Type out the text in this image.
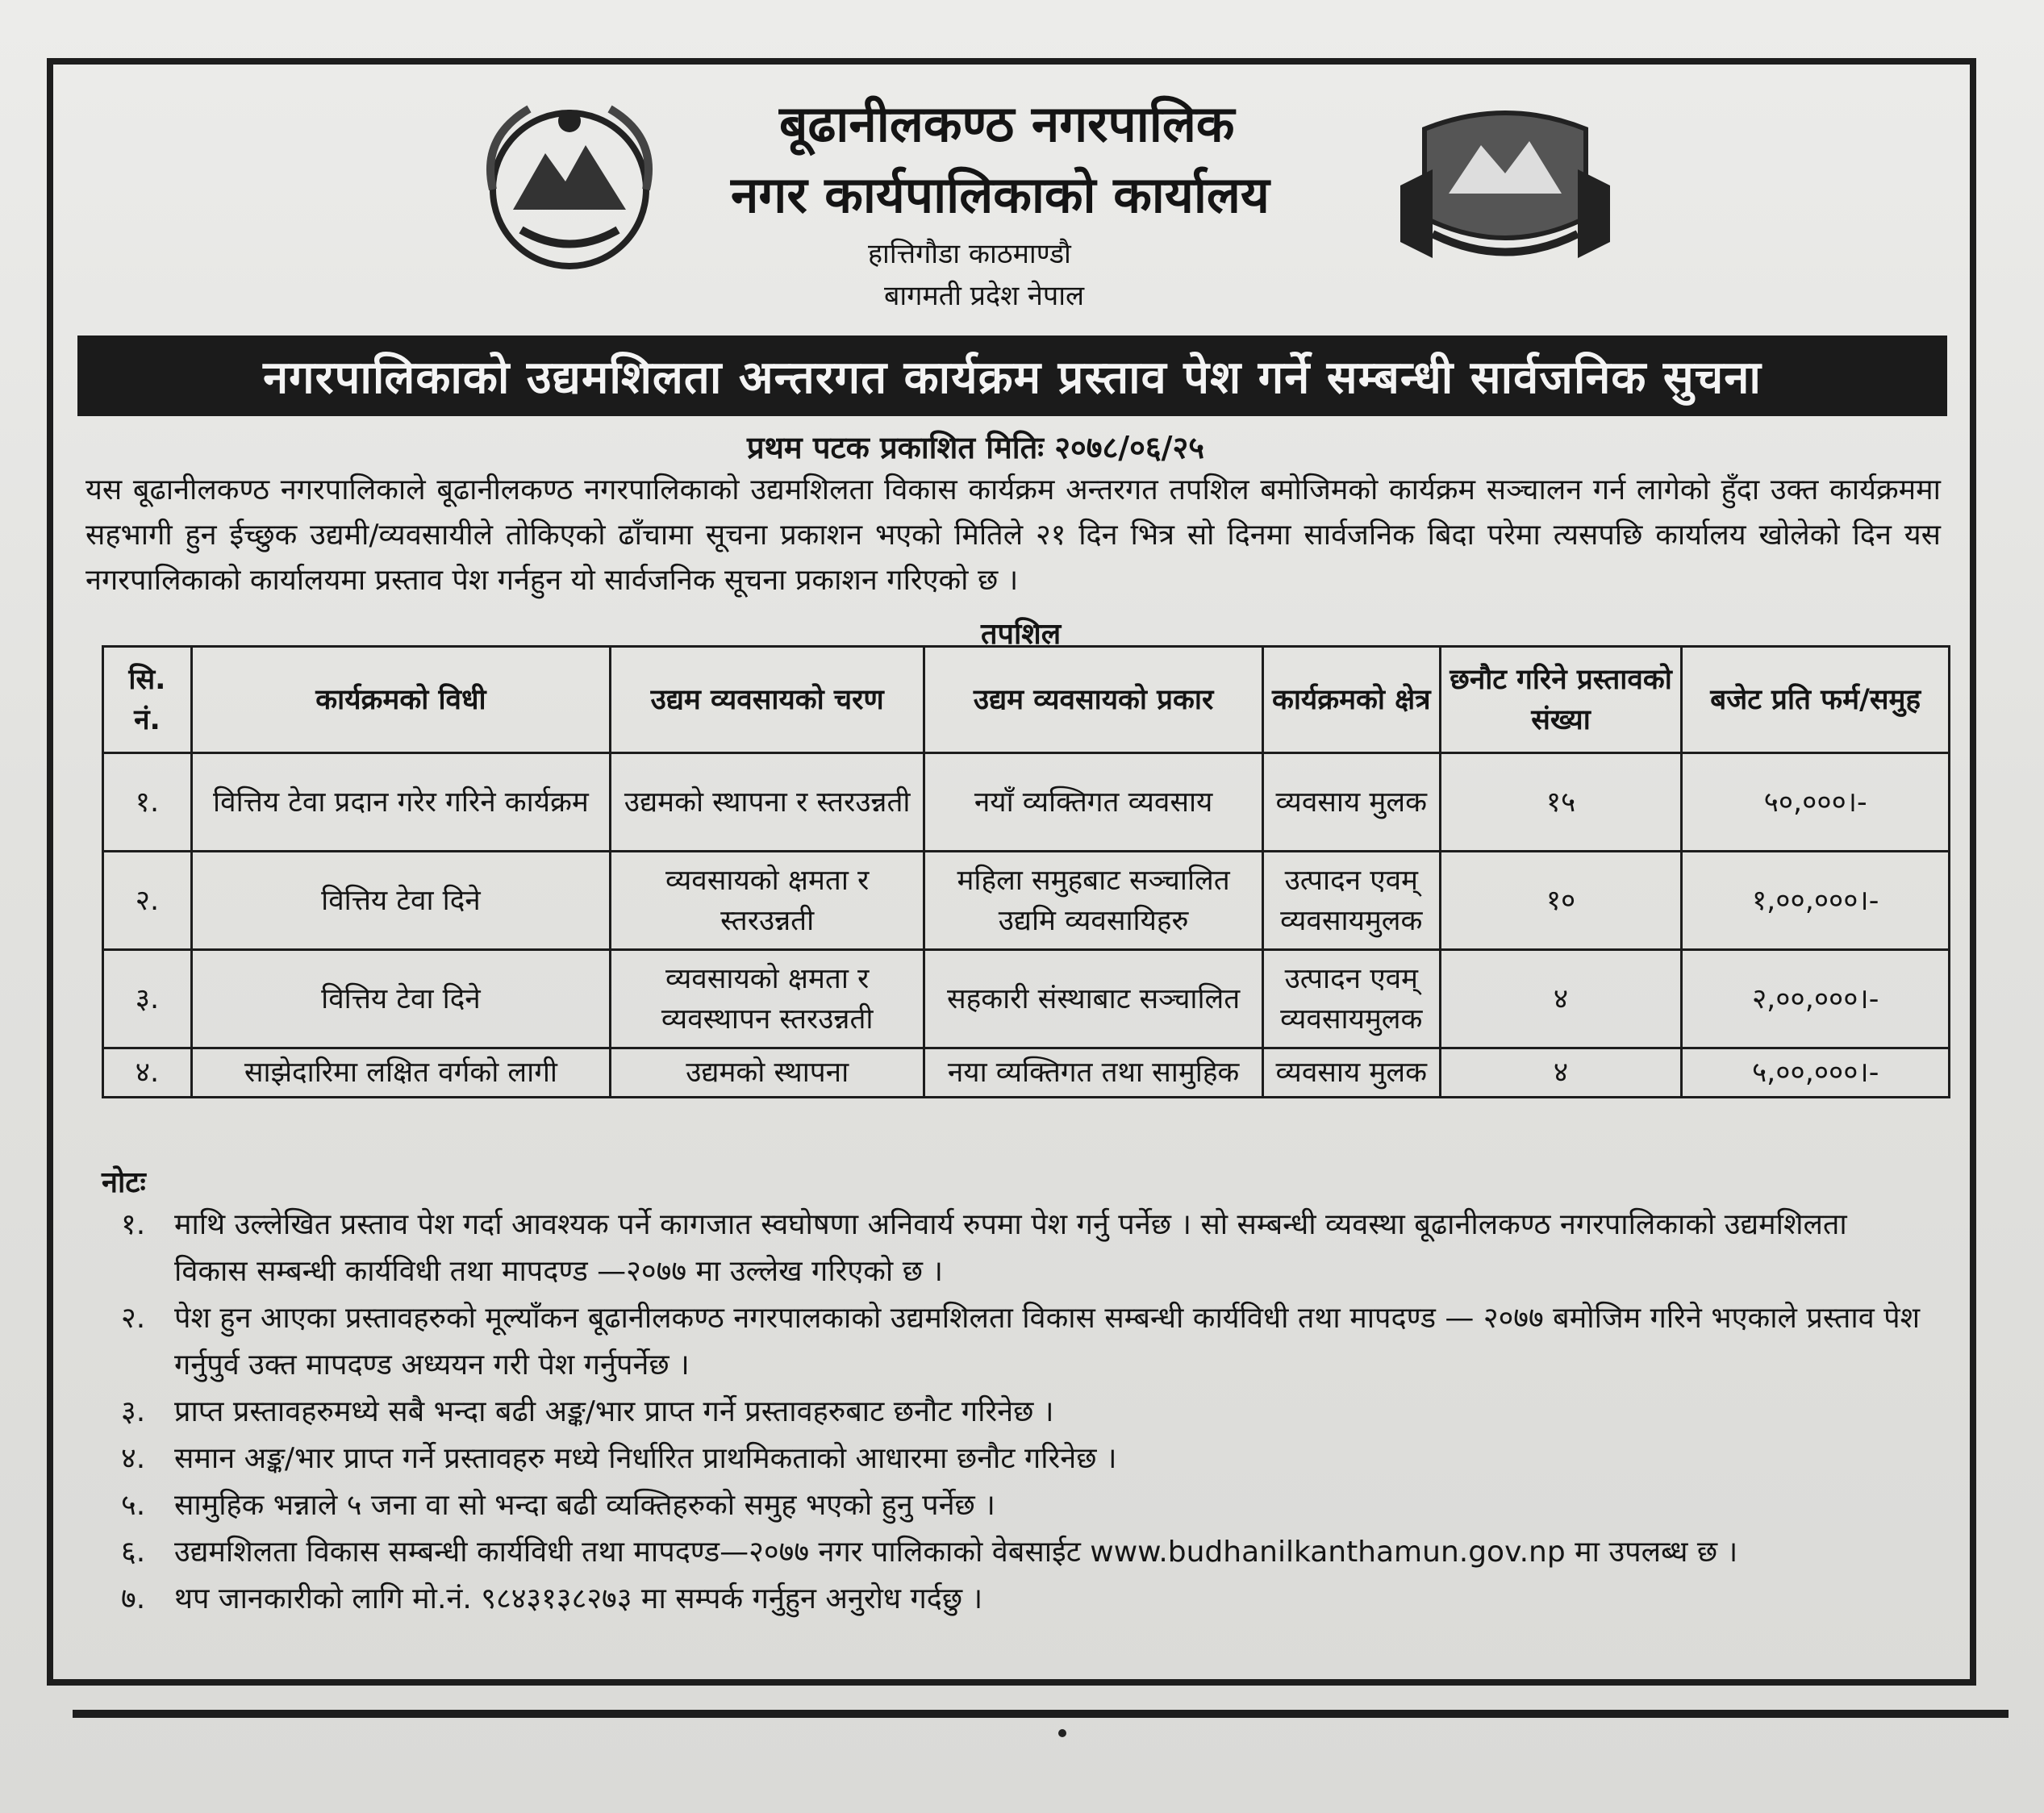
बूढानीलकण्ठ नगरपालिक
नगर कार्यपालिकाको कार्यालय
हात्तिगौडा काठमाण्डौ
बागमती प्रदेश नेपाल
नगरपालिकाको उद्यमशिलता अन्तरगत कार्यक्रम प्रस्ताव पेश गर्ने सम्बन्धी सार्वजनिक सुचना
प्रथम पटक प्रकाशित मितिः २०७८/०६/२५
यस बूढानीलकण्ठ नगरपालिकाले बूढानीलकण्ठ नगरपालिकाको उद्यमशिलता विकास कार्यक्रम अन्तरगत तपशिल बमोजिमको कार्यक्रम सञ्चालन गर्न लागेको हुँदा उक्त कार्यक्रममा सहभागी हुन ईच्छुक उद्यमी/व्यवसायीले तोकिएको ढाँचामा सूचना प्रकाशन भएको मितिले २१ दिन भित्र सो दिनमा सार्वजनिक बिदा परेमा त्यसपछि कार्यालय खोलेको दिन यस नगरपालिकाको कार्यालयमा प्रस्ताव पेश गर्नहुन यो सार्वजनिक सूचना प्रकाशन गरिएको छ ।
तपशिल
सि. नं.	कार्यक्रमको विधी	उद्यम व्यवसायको चरण	उद्यम व्यवसायको प्रकार	कार्यक्रमको क्षेत्र	छनौट गरिने प्रस्तावको संख्या	बजेट प्रति फर्म/समुह
१.	वित्तिय टेवा प्रदान गरेर गरिने कार्यक्रम	उद्यमको स्थापना र स्तरउन्नती	नयाँ व्यक्तिगत व्यवसाय	व्यवसाय मुलक	१५	५०,०००।-
२.	वित्तिय टेवा दिने	व्यवसायको क्षमता र स्तरउन्नती	महिला समुहबाट सञ्चालित उद्यमि व्यवसायिहरु	उत्पादन एवम् व्यवसायमुलक	१०	१,००,०००।-
३.	वित्तिय टेवा दिने	व्यवसायको क्षमता र व्यवस्थापन स्तरउन्नती	सहकारी संस्थाबाट सञ्चालित	उत्पादन एवम् व्यवसायमुलक	४	२,००,०००।-
४.	साझेदारिमा लक्षित वर्गको लागी	उद्यमको स्थापना	नया व्यक्तिगत तथा सामुहिक	व्यवसाय मुलक	४	५,००,०००।-
नोटः
१. माथि उल्लेखित प्रस्ताव पेश गर्दा आवश्यक पर्ने कागजात स्वघोषणा अनिवार्य रुपमा पेश गर्नु पर्नेछ । सो सम्बन्धी व्यवस्था बूढानीलकण्ठ नगरपालिकाको उद्यमशिलता विकास सम्बन्धी कार्यविधी तथा मापदण्ड —२०७७ मा उल्लेख गरिएको छ ।
२. पेश हुन आएका प्रस्तावहरुको मूल्याँकन बूढानीलकण्ठ नगरपालकाको उद्यमशिलता विकास सम्बन्धी कार्यविधी तथा मापदण्ड — २०७७ बमोजिम गरिने भएकाले प्रस्ताव पेश गर्नुपुर्व उक्त मापदण्ड अध्ययन गरी पेश गर्नुपर्नेछ ।
३. प्राप्त प्रस्तावहरुमध्ये सबै भन्दा बढी अङ्क/भार प्राप्त गर्ने प्रस्तावहरुबाट छनौट गरिनेछ ।
४. समान अङ्क/भार प्राप्त गर्ने प्रस्तावहरु मध्ये निर्धारित प्राथमिकताको आधारमा छनौट गरिनेछ ।
५. सामुहिक भन्नाले ५ जना वा सो भन्दा बढी व्यक्तिहरुको समुह भएको हुनु पर्नेछ ।
६. उद्यमशिलता विकास सम्बन्धी कार्यविधी तथा मापदण्ड—२०७७ नगर पालिकाको वेबसाईट www.budhanilkanthamun.gov.np मा उपलब्ध छ ।
७. थप जानकारीको लागि मो.नं. ९८४३१३८२७३ मा सम्पर्क गर्नुहुन अनुरोध गर्दछु ।
